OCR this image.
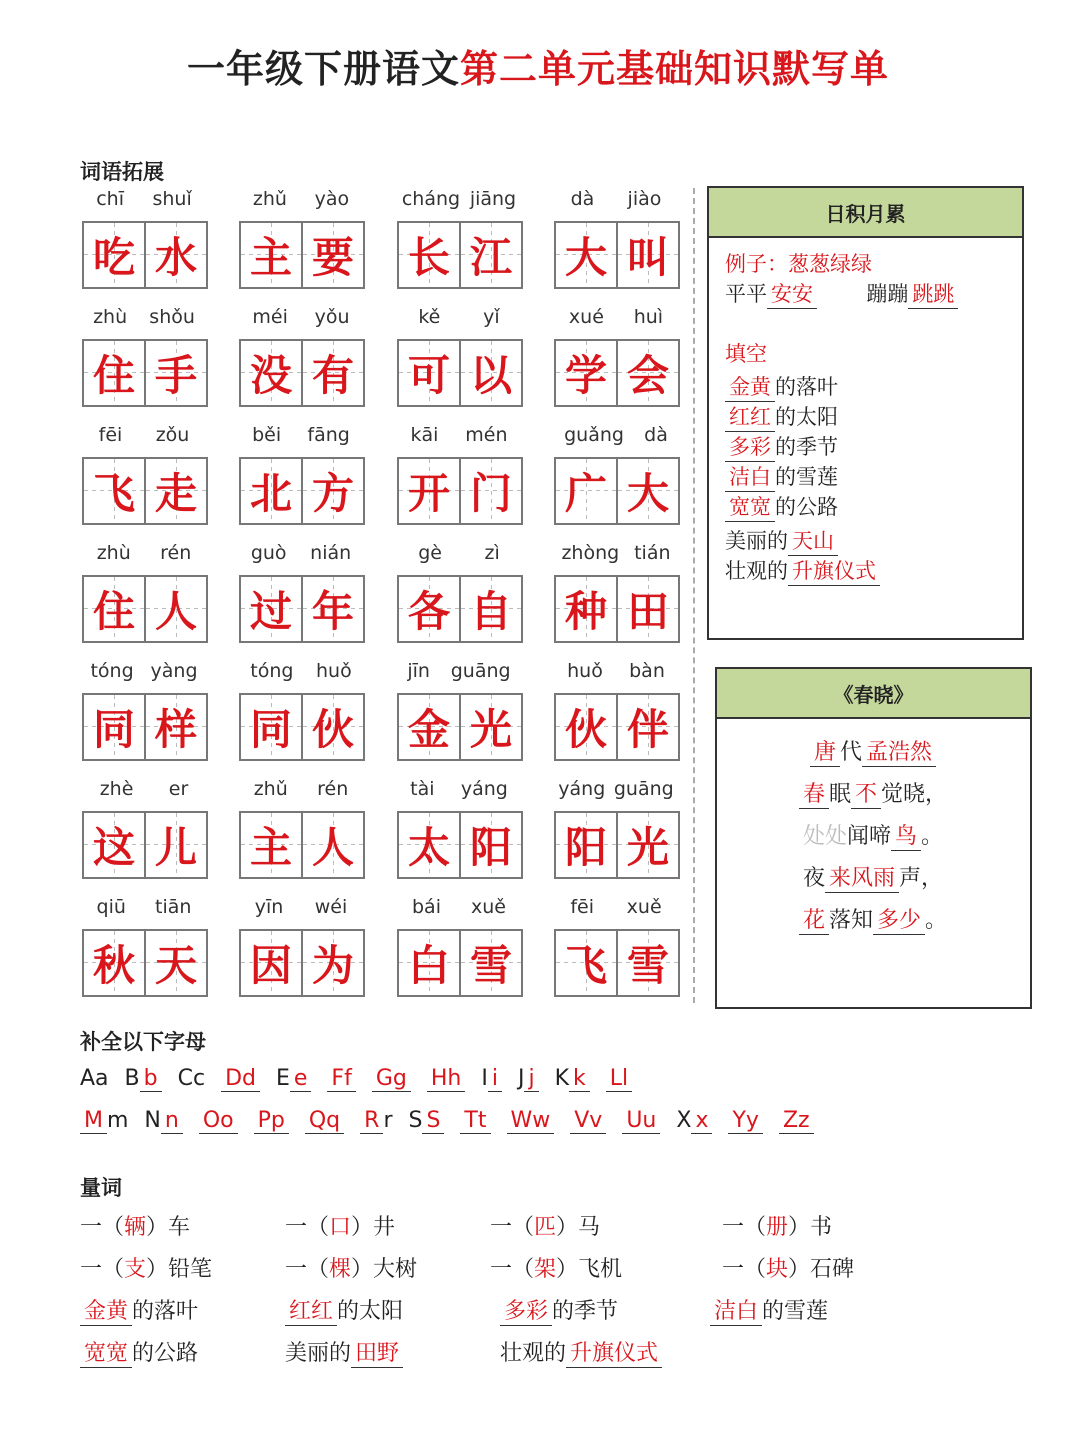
一年级下册语文第二单元基础知识默写单
词语拓展
chī shuǐ
吃 水
zhǔ yào
主 要
cháng jiāng
长 江
dà jiào
大 叫
zhù shǒu
住 手
méi yǒu
没 有
kě yǐ
可 以
xué huì
学 会
fēi zǒu
飞 走
běi fāng
北 方
kāi mén
开 门
guǎng dà
广 大
zhù rén
住 人
guò nián
过 年
gè zì
各 自
zhòng tián
种 田
tóng yàng
同 样
tóng huǒ
同 伙
jīn guāng
金 光
huǒ bàn
伙 伴
zhè er
这 儿
zhǔ rén
主 人
tài yáng
太 阳
yáng guāng
阳 光
qiū tiān
秋 天
yīn wéi
因 为
bái xuě
白 雪
fēi xuě
飞 雪
日积月累
例子：葱葱绿绿
平平 安安	蹦蹦 跳跳
填空
金黄 的落叶
红红 的太阳
多彩 的季节
洁白 的雪莲
宽宽 的公路
美丽的 天山
壮观的 升旗仪式
《春晓》
唐 代 孟浩然
春 眠 不 觉晓，
处处闻啼 鸟 。
夜 来风雨 声，
花 落知 多少 。
补全以下字母
Aa B b Cc Dd E e Ff Gg Hh I i J j K k Ll
M m N n Oo Pp Qq R r S S Tt Ww Vv Uu X x Yy Zz
量词
一（辆）车	一（口）井	一（匹）马	一（册）书
一（支）铅笔	一（棵）大树	一（架）飞机	一（块）石碑
金黄 的落叶	红红 的太阳	多彩 的季节	洁白 的雪莲
宽宽 的公路	美丽的 田野	壮观的 升旗仪式
